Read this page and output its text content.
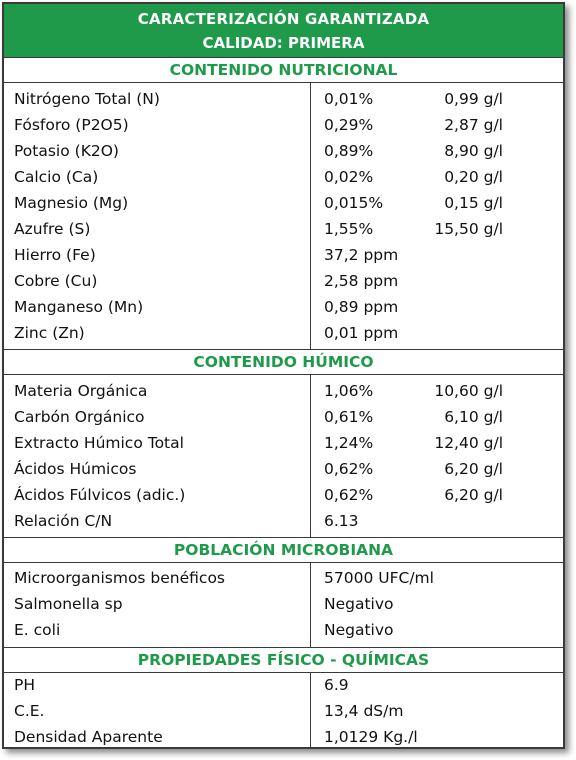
CARACTERIZACIÓN GARANTIZADA
CALIDAD: PRIMERA
CONTENIDO NUTRICIONAL
Nitrógeno Total (N)	0,01%	0,99 g/l
Fósforo (P2O5)	0,29%	2,87 g/l
Potasio (K2O)	0,89%	8,90 g/l
Calcio (Ca)	0,02%	0,20 g/l
Magnesio (Mg)	0,015%	0,15 g/l
Azufre (S)	1,55%	15,50 g/l
Hierro (Fe)	37,2 ppm
Cobre (Cu)	2,58 ppm
Manganeso (Mn)	0,89 ppm
Zinc (Zn)	0,01 ppm
CONTENIDO HÚMICO
Materia Orgánica	1,06%	10,60 g/l
Carbón Orgánico	0,61%	6,10 g/l
Extracto Húmico Total	1,24%	12,40 g/l
Ácidos Húmicos	0,62%	6,20 g/l
Ácidos Fúlvicos (adic.)	0,62%	6,20 g/l
Relación C/N	6.13
POBLACIÓN MICROBIANA
Microorganismos benéficos	57000 UFC/ml
Salmonella sp	Negativo
E. coli	Negativo
PROPIEDADES FÍSICO - QUÍMICAS
PH	6.9
C.E.	13,4 dS/m
Densidad Aparente	1,0129 Kg./l
